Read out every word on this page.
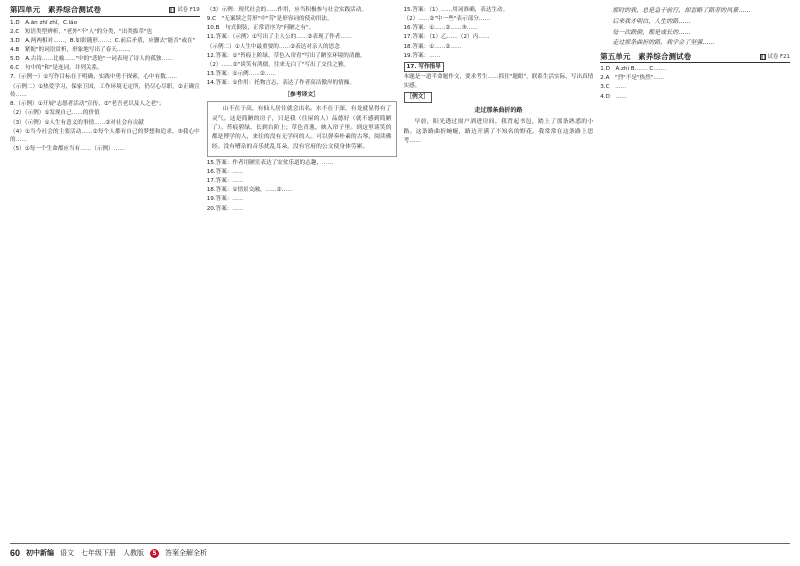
第四单元　素养综合测试卷	试卷 F19

1.D　A.ān zhī zhǐ，C.láo

2.C　短语类型辨析，"老外"不"人"的分类，"出类拔萃"也

3.D　A.两两相对……，B.如影随形……；C.前后矛盾，应删去"能否"或在"

4.B　紧扼"的词语赏析，形象地写出了春天……。

5.D　A.古诗……比喻……"中的"悲怆"一词表现了诗人的孤独……

6.C　句中的"和"是连词，并列关系。

7.（示例一）①写作目标在于明确，实践中勇于探索，心中有数……

（示例二）①热爱学习，保家卫国，工作环境无定所，仍尽心尽职，②正确宣传……

8.（示例）①开展"志愿者活动"宣传，②"老吾老以及人之老"；

（2）（示例）①发现自己……的价值

（3）（示例）①人生有意义的事情……②对社会有贡献

（4）①当今社会的主要活动……②每个人都有自己的梦想和追求，③我心中的……

（5）①每一个生命都应当有……（示例）……

（3）示例：现代社会的……作用，应当积极参与社会实践活动。

9.C　"无案牍之劳形"中"劳"是形容词的使动用法。

10.B　句式倒装，正常语序为"何陋之有"。

11.答案：（示例）①写出了主人公的……②表现了作者……

（示例二）①人生中最重要的……②表达对亲人的思念

12.答案：①"苔痕上阶绿，草色入帘青"写出了陋室环境的清幽。

（2）……②"谈笑有鸿儒，往来无白丁"写出了交往之雅。

13.答案：①示例……②……

14.答案：①作用：托物言志，表达了作者高洁傲岸的情操。

［参考译文］

山不在于高，有仙人居住就会出名。水不在于深，有龙就显得有了灵气。这是简陋的房子，只是我（住屋的人）品德好（就不感到简陋了）。苔痕碧绿，长到台阶上；草色青葱，映入帘子里。到这里谈笑的都是博学的人，来往的没有无学问的人。可以弹奏朴素的古琴，阅读佛经。没有嘈杂的音乐扰乱耳朵，没有官府的公文使身体劳累。

15.答案：作者用陋室表达了安贫乐道的志趣，……

16.答案：……

17.答案：……

18.答案：①情景交融，……②……

19.答案：……

20.答案：……

15.答案：（1）……用词准确，表达生动。

（2）……②"中一些"表示部分……

16.答案：①……②……③……

17.答案：（1）乙……（2）丙……

18.答案：①……②……

19.答案：……

17. 写作指导

本题是一道半命题作文，要求考生……抓住"题眼"，联系生活实际，写出真情实感。

［例文］
走过那条曲折的路

早晨，阳光透过窗户洒进房间。我背起书包，踏上了那条熟悉的小路。这条路曲折蜿蜒，路边开满了不知名的野花。我常常在这条路上思考……

那时的我，总是急于前行，却忽略了路旁的风景……

后来我才明白，人生的路……

每一次跌倒，都是成长的……

走过那条曲折的路，我学会了坚强……

第五单元　素养综合测试卷	试卷 F21

1.D　A.zhì B.…… C.……

2.A　"烈"不是"热烈"……

3.C　……

4.D　……

60 初中新编 语文　七年级下册　人教版	5	答案全解全析
